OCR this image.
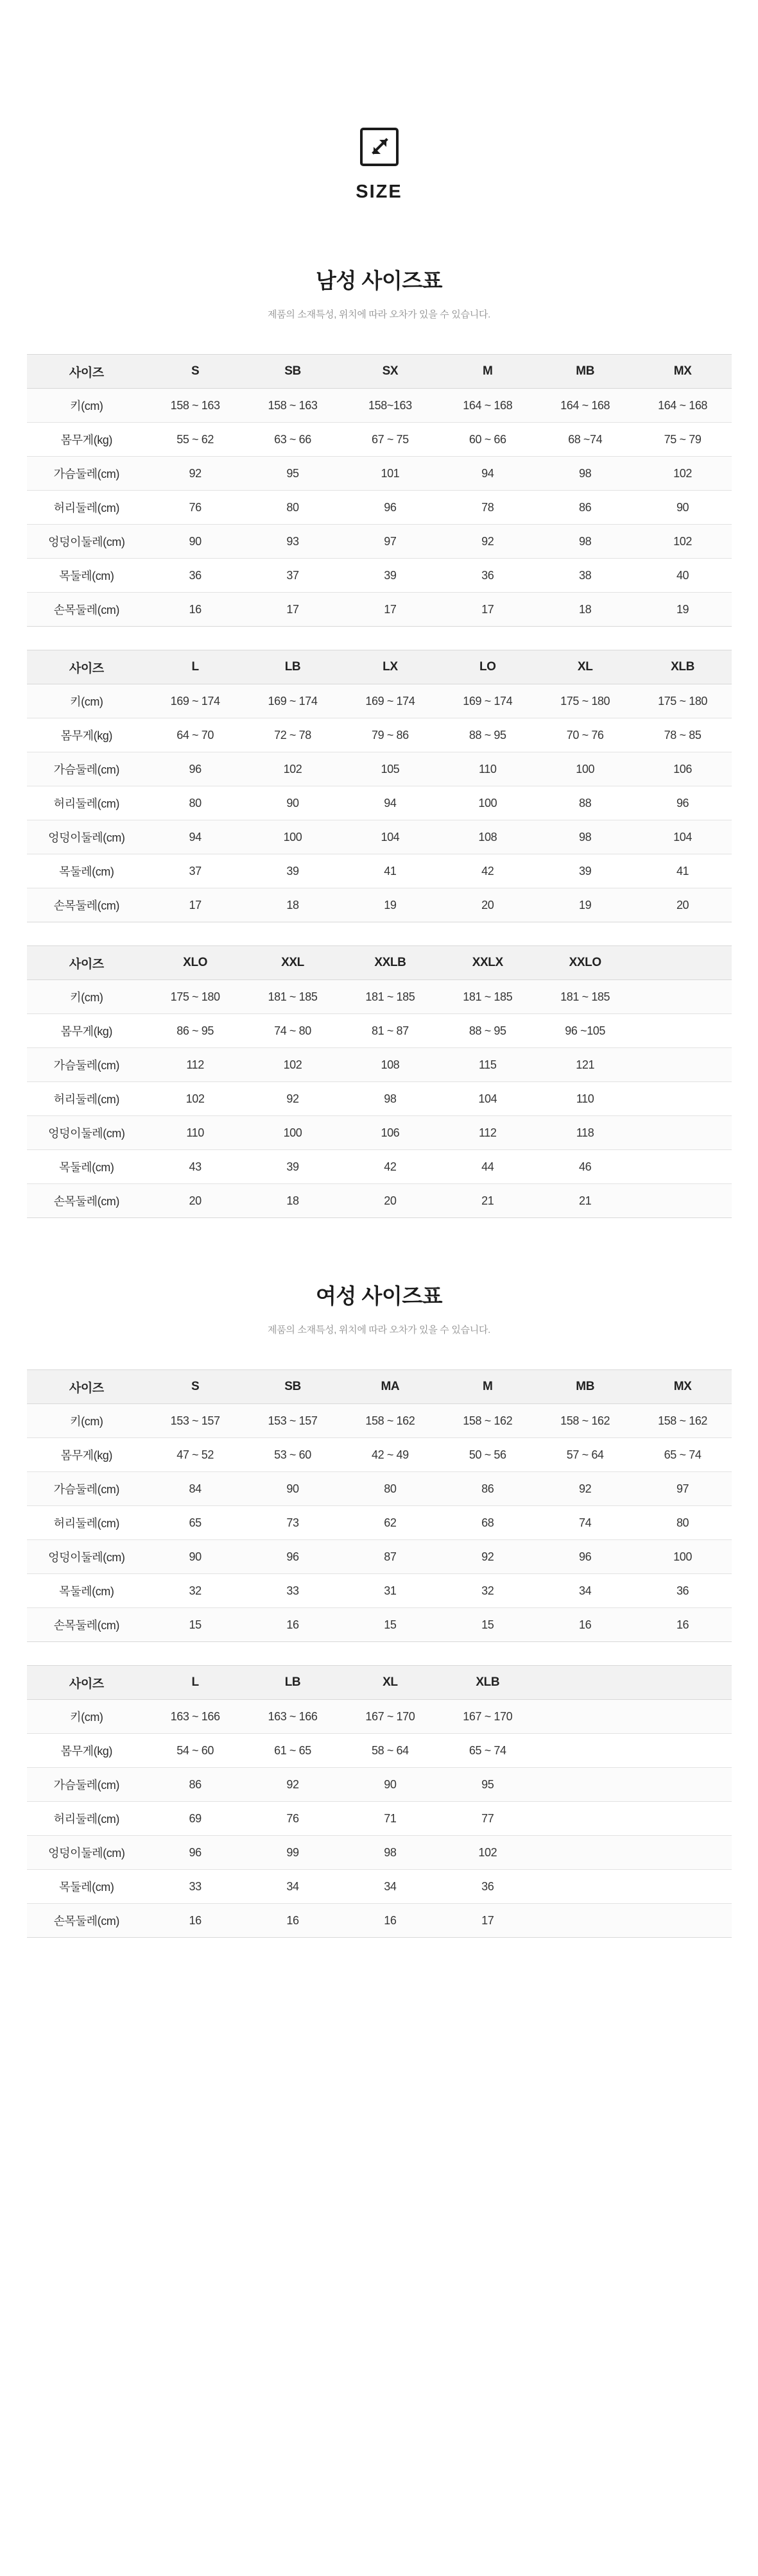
SIZE
남성 사이즈표
제품의 소재특성, 위치에 따라 오차가 있을 수 있습니다.
사이즈	S	SB	SX	M	MB	MX
키(cm)	158 ~ 163	158 ~ 163	158~163	164 ~ 168	164 ~ 168	164 ~ 168
몸무게(kg)	55 ~ 62	63 ~ 66	67 ~ 75	60 ~ 66	68 ~74	75 ~ 79
가슴둘레(cm)	92	95	101	94	98	102
허리둘레(cm)	76	80	96	78	86	90
엉덩이둘레(cm)	90	93	97	92	98	102
목둘레(cm)	36	37	39	36	38	40
손목둘레(cm)	16	17	17	17	18	19
사이즈	L	LB	LX	LO	XL	XLB
키(cm)	169 ~ 174	169 ~ 174	169 ~ 174	169 ~ 174	175 ~ 180	175 ~ 180
몸무게(kg)	64 ~ 70	72 ~ 78	79 ~ 86	88 ~ 95	70 ~ 76	78 ~ 85
가슴둘레(cm)	96	102	105	110	100	106
허리둘레(cm)	80	90	94	100	88	96
엉덩이둘레(cm)	94	100	104	108	98	104
목둘레(cm)	37	39	41	42	39	41
손목둘레(cm)	17	18	19	20	19	20
사이즈	XLO	XXL	XXLB	XXLX	XXLO	
키(cm)	175 ~ 180	181 ~ 185	181 ~ 185	181 ~ 185	181 ~ 185	
몸무게(kg)	86 ~ 95	74 ~ 80	81 ~ 87	88 ~ 95	96 ~105	
가슴둘레(cm)	112	102	108	115	121	
허리둘레(cm)	102	92	98	104	110	
엉덩이둘레(cm)	110	100	106	112	118	
목둘레(cm)	43	39	42	44	46	
손목둘레(cm)	20	18	20	21	21	
여성 사이즈표
제품의 소재특성, 위치에 따라 오차가 있을 수 있습니다.
사이즈	S	SB	MA	M	MB	MX
키(cm)	153 ~ 157	153 ~ 157	158 ~ 162	158 ~ 162	158 ~ 162	158 ~ 162
몸무게(kg)	47 ~ 52	53 ~ 60	42 ~ 49	50 ~ 56	57 ~ 64	65 ~ 74
가슴둘레(cm)	84	90	80	86	92	97
허리둘레(cm)	65	73	62	68	74	80
엉덩이둘레(cm)	90	96	87	92	96	100
목둘레(cm)	32	33	31	32	34	36
손목둘레(cm)	15	16	15	15	16	16
사이즈	L	LB	XL	XLB		
키(cm)	163 ~ 166	163 ~ 166	167 ~ 170	167 ~ 170		
몸무게(kg)	54 ~ 60	61 ~ 65	58 ~ 64	65 ~ 74		
가슴둘레(cm)	86	92	90	95		
허리둘레(cm)	69	76	71	77		
엉덩이둘레(cm)	96	99	98	102		
목둘레(cm)	33	34	34	36		
손목둘레(cm)	16	16	16	17		
